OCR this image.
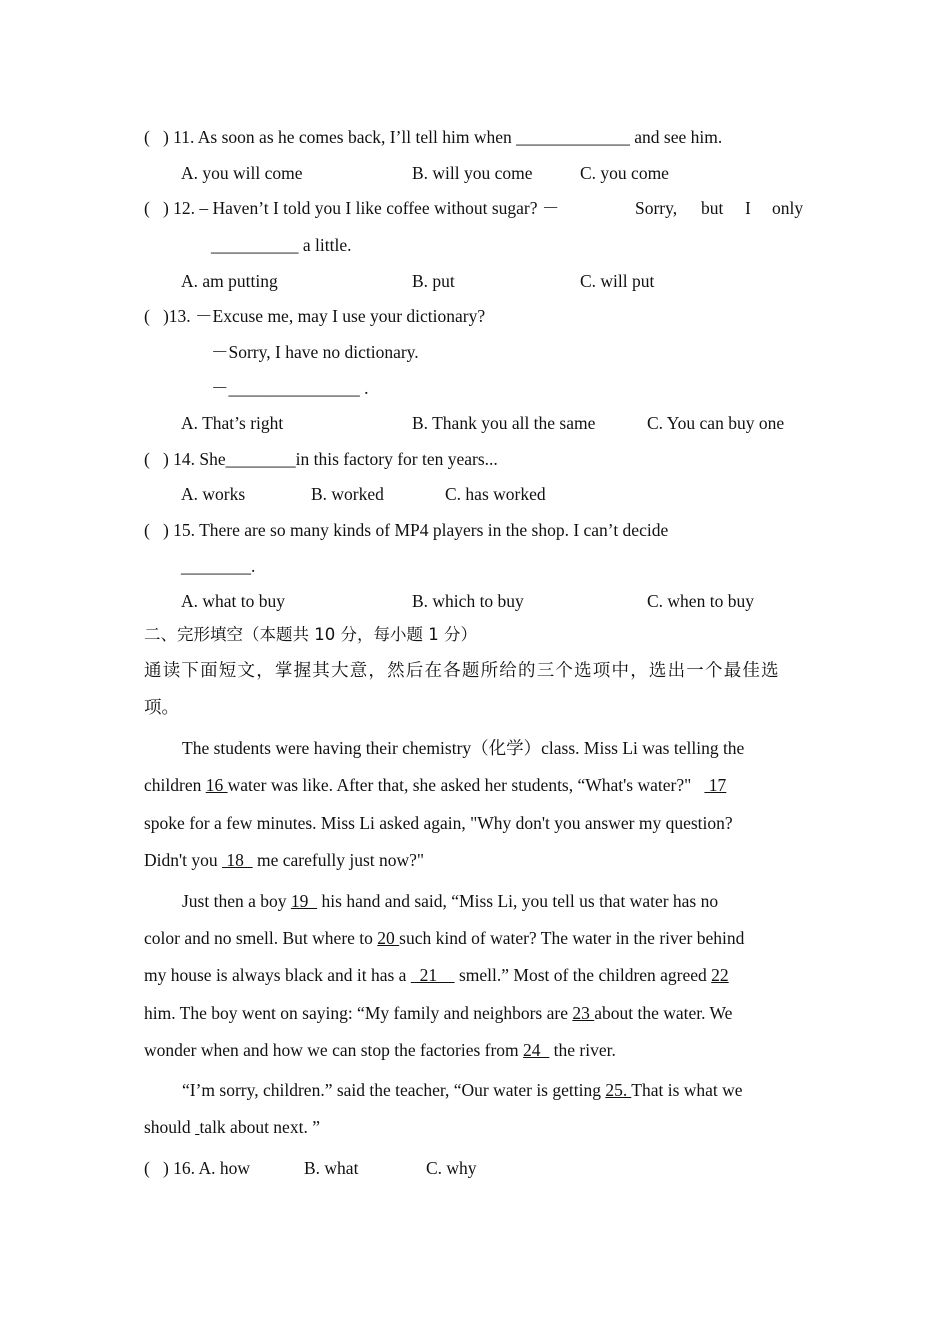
(   ) 11. As soon as he comes back, I’ll tell him when _____________ and see him.
A. you will come	B. will you come	C. you come
(   ) 12. – Haven’t I told you I like coffee without sugar? －	Sorry, but I only
__________ a little.
A. am putting	B. put	C. will put
(   )13. －Excuse me, may I use your dictionary?
－Sorry, I have no dictionary.
－_______________ .
A. That’s right	B. Thank you all the same	C. You can buy one
(   ) 14. She________in this factory for ten years...
A. works	B. worked	C. has worked
(   ) 15. There are so many kinds of MP4 players in the shop. I can’t decide
________.
A. what to buy	B. which to buy	C. when to buy
二、完形填空（本题共 10 分，每小题 1 分）
通读下面短文，掌握其大意，然后在各题所给的三个选项中，选出一个最佳选
项。
The students were having their chemistry（化学）class. Miss Li was telling the
children 16 water was like. After that, she asked her students, “What's water?"    17
spoke for a few minutes. Miss Li asked again, "Why don't you answer my question?
Didn't you  18   me carefully just now?"
Just then a boy 19   his hand and said, “Miss Li, you tell us that water has no
color and no smell. But where to 20 such kind of water? The water in the river behind
my house is always black and it has a   21     smell.” Most of the children agreed 22
him. The boy went on saying: “My family and neighbors are 23 about the water. We
wonder when and how we can stop the factories from 24   the river.
“I’m sorry, children.” said the teacher, “Our water is getting 25. That is what we
should  talk about next. ”
(   ) 16. A. how	B. what	C. why
